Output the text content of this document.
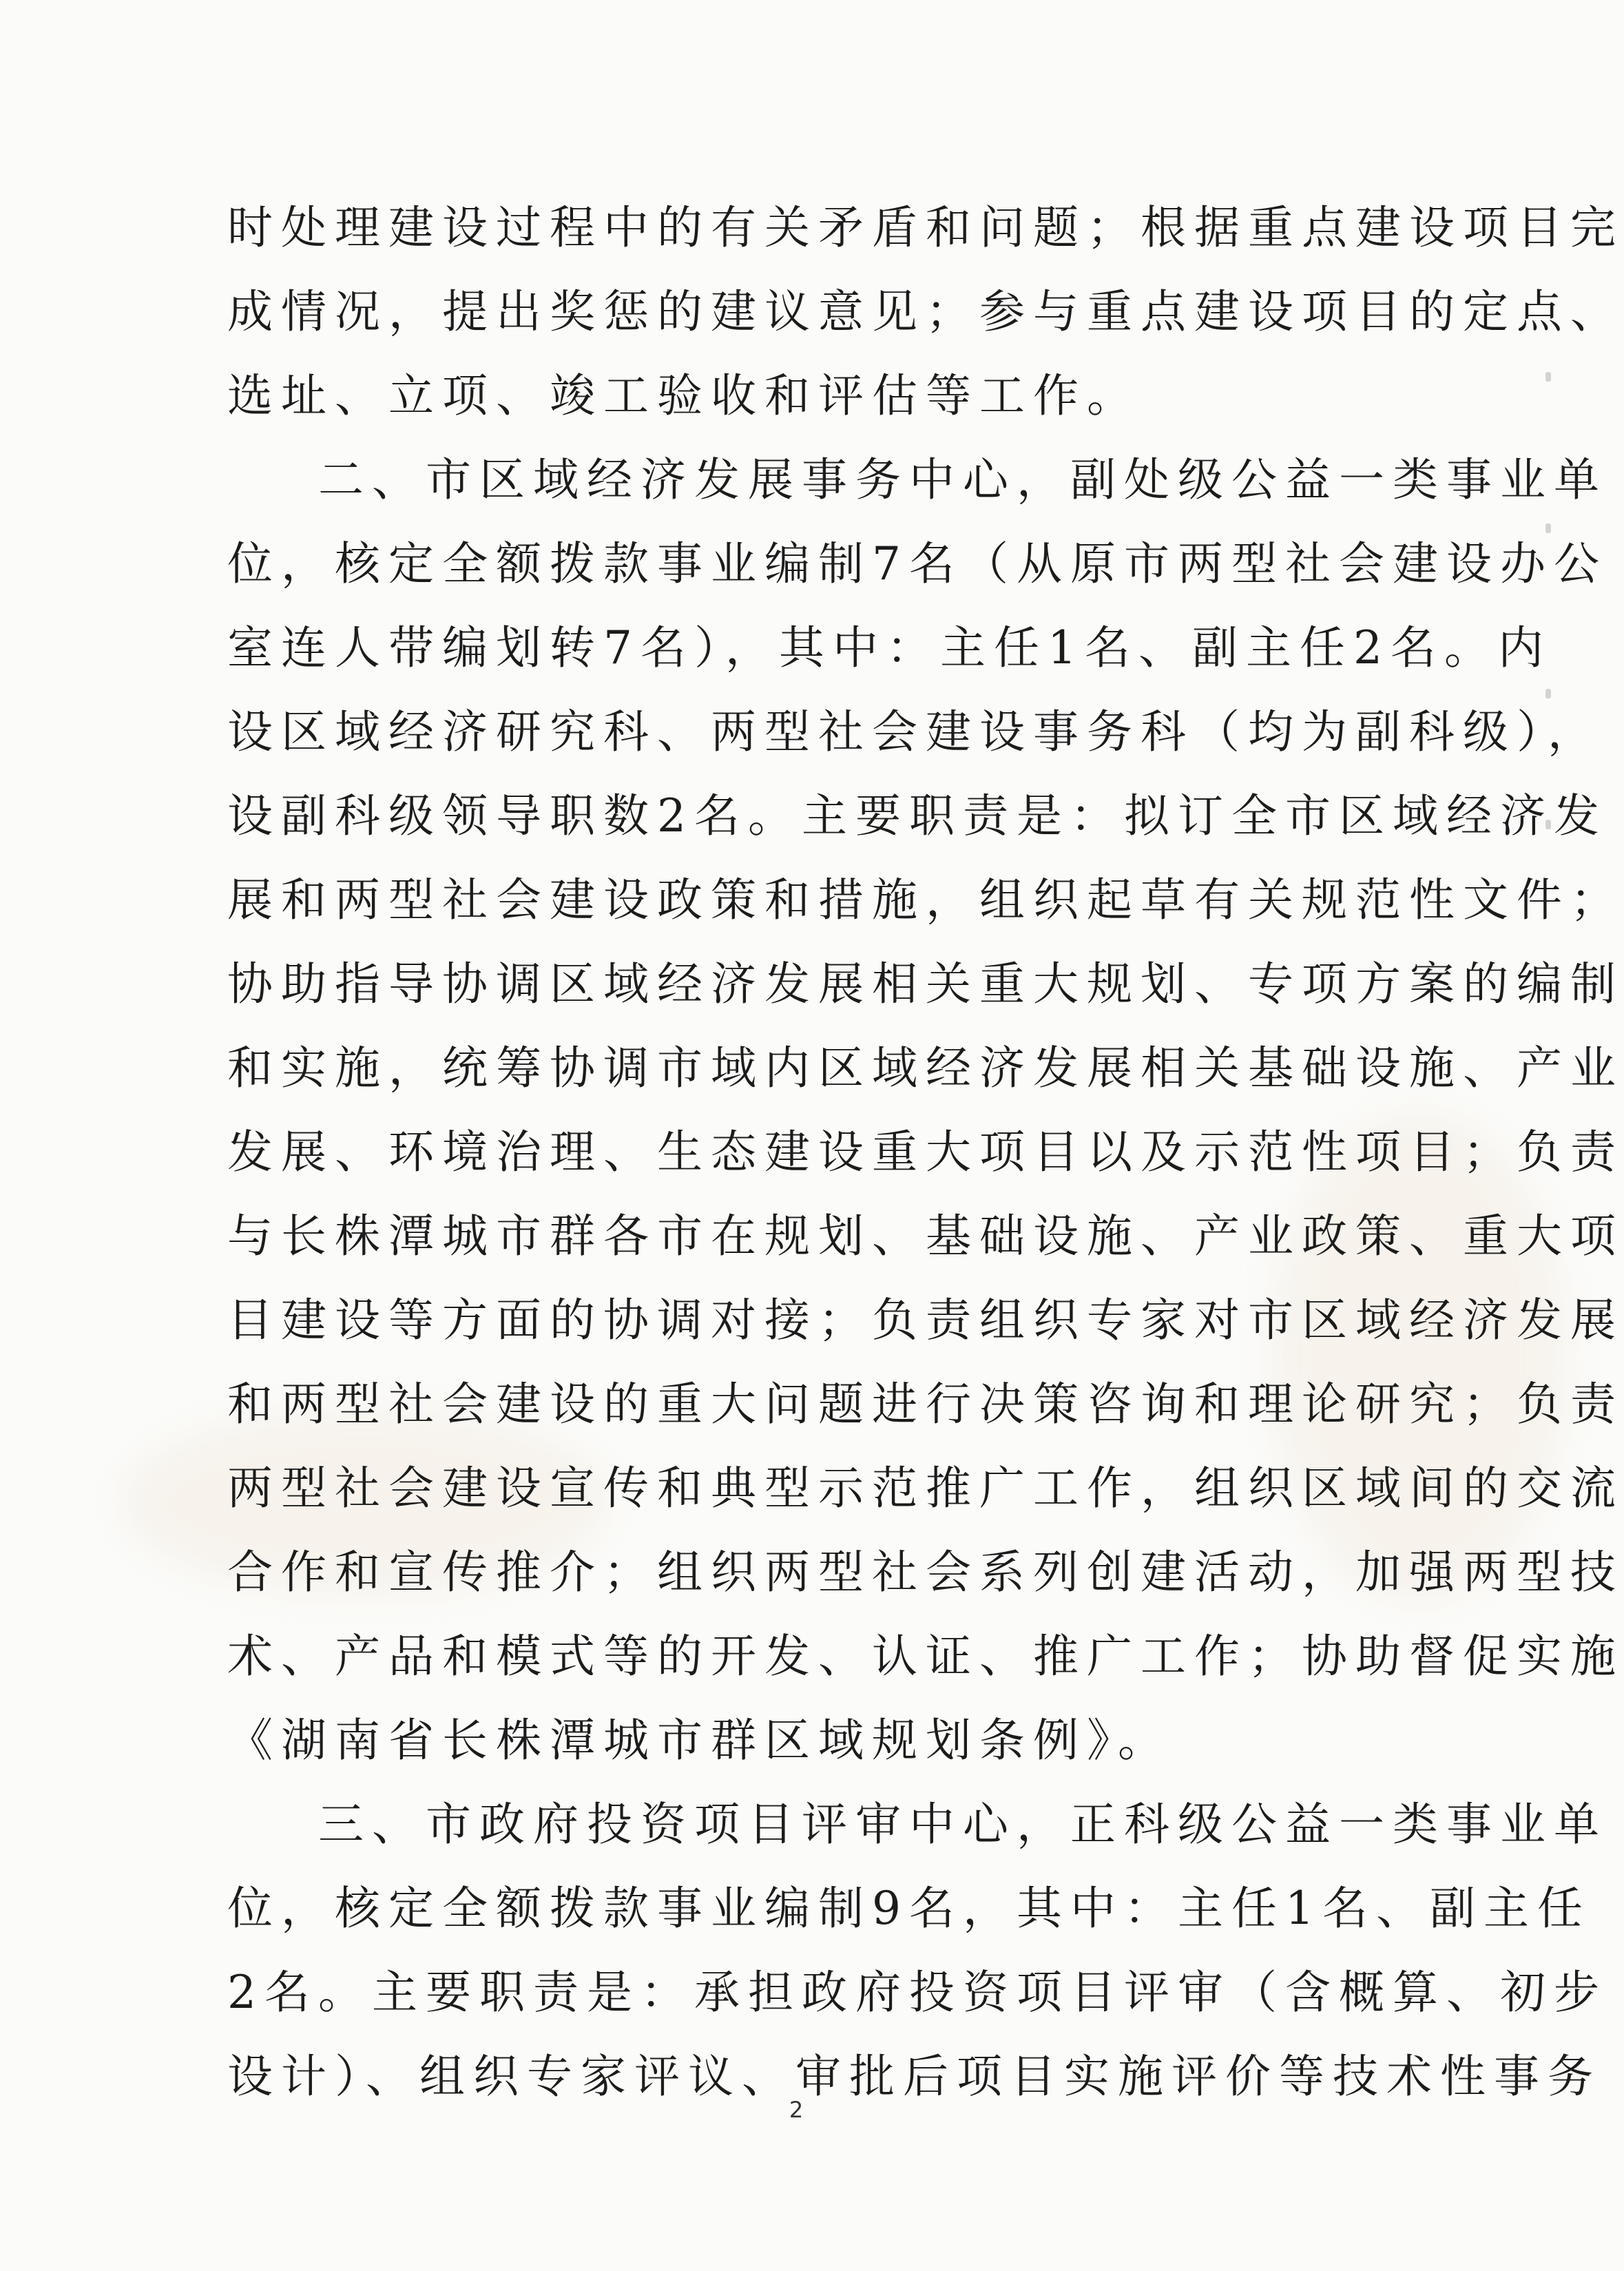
时处理建设过程中的有关矛盾和问题；根据重点建设项目完
成情况，提出奖惩的建议意见；参与重点建设项目的定点、
选址、立项、竣工验收和评估等工作。
二、市区域经济发展事务中心，副处级公益一类事业单
位，核定全额拨款事业编制7名（从原市两型社会建设办公
室连人带编划转7名），其中：主任1名、副主任2名。内
设区域经济研究科、两型社会建设事务科（均为副科级），
设副科级领导职数2名。主要职责是：拟订全市区域经济发
展和两型社会建设政策和措施，组织起草有关规范性文件；
协助指导协调区域经济发展相关重大规划、专项方案的编制
和实施，统筹协调市域内区域经济发展相关基础设施、产业
发展、环境治理、生态建设重大项目以及示范性项目；负责
与长株潭城市群各市在规划、基础设施、产业政策、重大项
目建设等方面的协调对接；负责组织专家对市区域经济发展
和两型社会建设的重大问题进行决策咨询和理论研究；负责
两型社会建设宣传和典型示范推广工作，组织区域间的交流
合作和宣传推介；组织两型社会系列创建活动，加强两型技
术、产品和模式等的开发、认证、推广工作；协助督促实施
《湖南省长株潭城市群区域规划条例》。
三、市政府投资项目评审中心，正科级公益一类事业单
位，核定全额拨款事业编制9名，其中：主任1名、副主任
2名。主要职责是：承担政府投资项目评审（含概算、初步
设计）、组织专家评议、审批后项目实施评价等技术性事务
2
